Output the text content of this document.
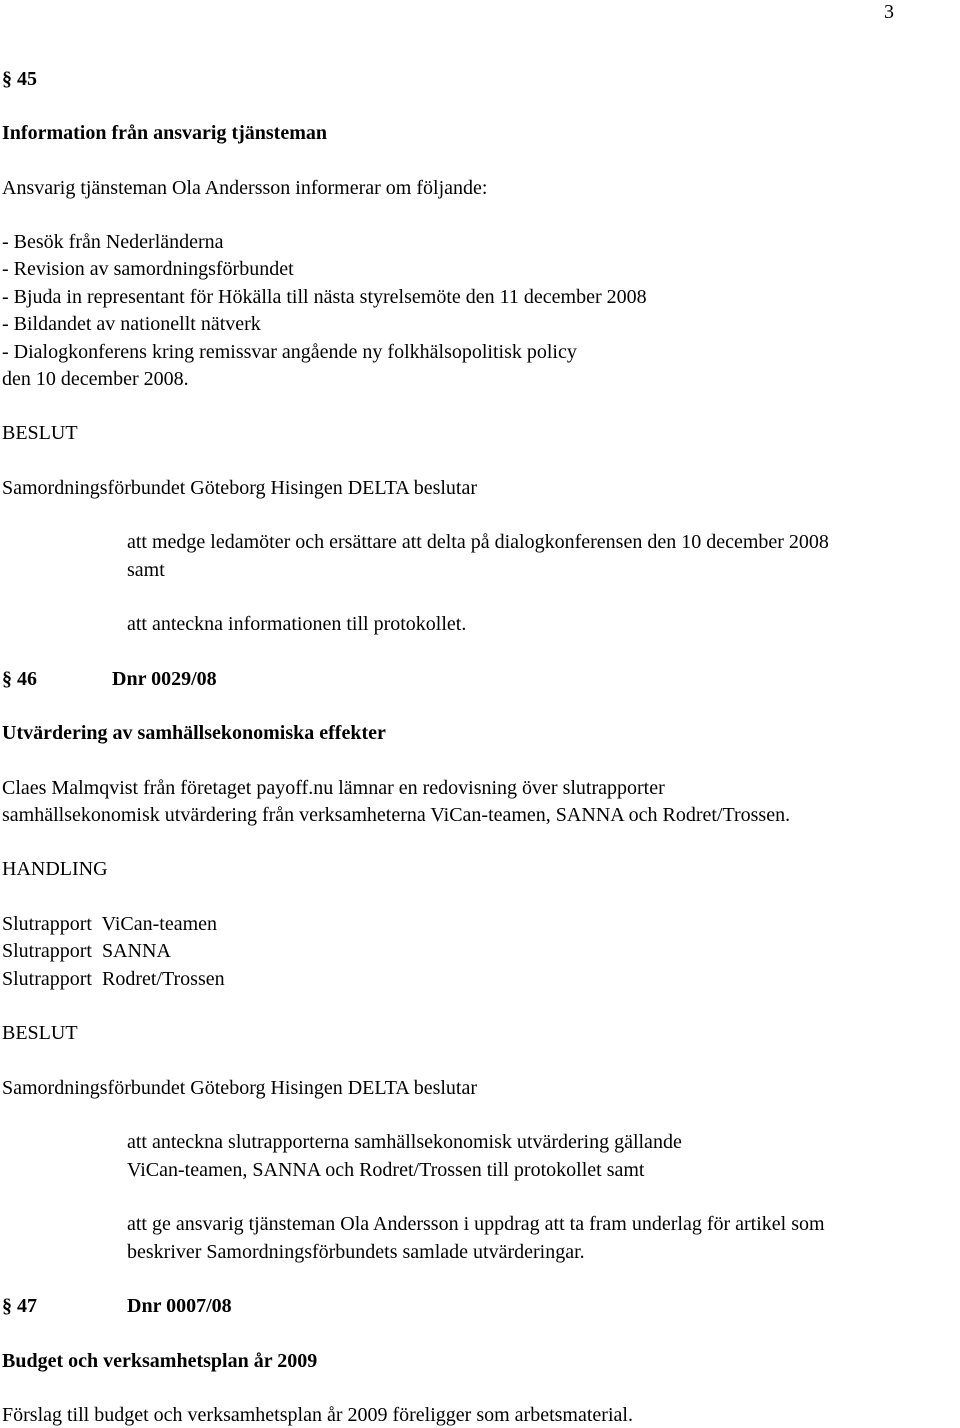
3
§ 45
Information från ansvarig tjänsteman
Ansvarig tjänsteman Ola Andersson informerar om följande:
- Besök från Nederländerna
- Revision av samordningsförbundet
- Bjuda in representant för Hökälla till nästa styrelsemöte den 11 december 2008
- Bildandet av nationellt nätverk
- Dialogkonferens kring remissvar angående ny folkhälsopolitisk policy
den 10 december 2008.
BESLUT
Samordningsförbundet Göteborg Hisingen DELTA beslutar
att medge ledamöter och ersättare att delta på dialogkonferensen den 10 december 2008
samt
att anteckna informationen till protokollet.
§ 46	Dnr 0029/08
Utvärdering av samhällsekonomiska effekter
Claes Malmqvist från företaget payoff.nu lämnar en redovisning över slutrapporter
samhällsekonomisk utvärdering från verksamheterna ViCan-teamen, SANNA och Rodret/Trossen.
HANDLING
Slutrapport  ViCan-teamen
Slutrapport  SANNA
Slutrapport  Rodret/Trossen
BESLUT
Samordningsförbundet Göteborg Hisingen DELTA beslutar
att anteckna slutrapporterna samhällsekonomisk utvärdering gällande
ViCan-teamen, SANNA och Rodret/Trossen till protokollet samt
att ge ansvarig tjänsteman Ola Andersson i uppdrag att ta fram underlag för artikel som
beskriver Samordningsförbundets samlade utvärderingar.
§ 47	Dnr 0007/08
Budget och verksamhetsplan år 2009
Förslag till budget och verksamhetsplan år 2009 föreligger som arbetsmaterial.
